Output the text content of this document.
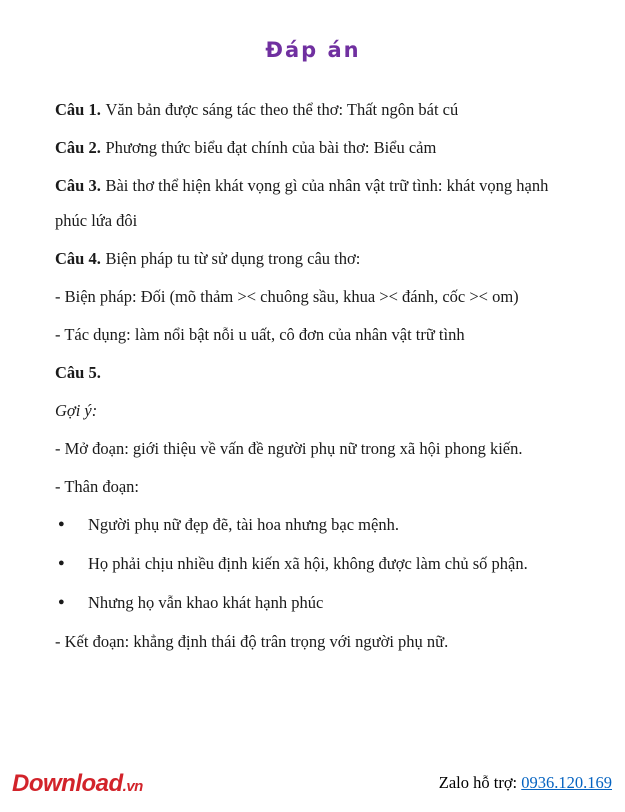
Đáp án

Câu 1. Văn bản được sáng tác theo thể thơ: Thất ngôn bát cú

Câu 2. Phương thức biểu đạt chính của bài thơ: Biểu cảm

Câu 3. Bài thơ thể hiện khát vọng gì của nhân vật trữ tình: khát vọng hạnh phúc lứa đôi

Câu 4. Biện pháp tu từ sử dụng trong câu thơ:

- Biện pháp: Đối (mõ thảm >< chuông sầu, khua >< đánh, cốc >< om)

- Tác dụng: làm nổi bật nỗi u uất, cô đơn của nhân vật trữ tình

Câu 5.

Gợi ý:

- Mở đoạn: giới thiệu về vấn đề người phụ nữ trong xã hội phong kiến.

- Thân đoạn:

●	Người phụ nữ đẹp đẽ, tài hoa nhưng bạc mệnh.
●	Họ phải chịu nhiều định kiến xã hội, không được làm chủ số phận.
●	Nhưng họ vẫn khao khát hạnh phúc

- Kết đoạn: khẳng định thái độ trân trọng với người phụ nữ.

Download.vn	Zalo hỗ trợ: 0936.120.169
